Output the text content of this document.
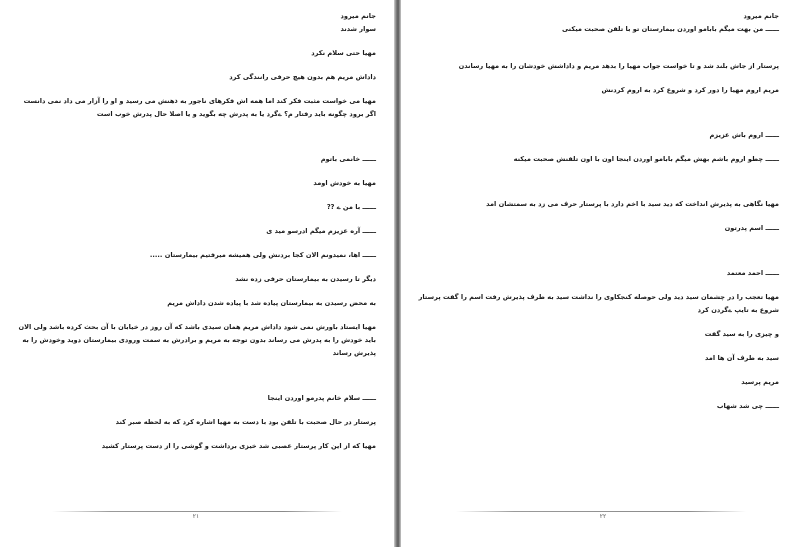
جانم میرود

سوار شدند

مهیا حتی سلام نکرد

داداش مریم هم بدون هیچ حرفی رانندگی کرد

مهیا می خواست مثبت فکر کند اما همه اش فکرهای ناجور به ذهنش می رسید و او را آزار می داد نمی دانست اگر برود چگونه باید رفتار م؟ ےگرد یا به پدرش چه بگوید و یا اصلا حال پدرش خوب است

ــــــ خانمی باتوم

مهیا به خودش اومد

ــــــ با من ے ??

ــــــ آره عزیزم میگم ادرسو مید ی

ــــــ اها، نمیدونم الان کجا بردنش ولی همیشه میرفتیم بیمارستان .....

دیگر تا رسیدن به بیمارستان حرفی زده نشد

به محض رسیدن به بیمارستان پیاده شد با پیاده شدن داداش مریم

مهیا ایستاد باورش نمی شود داداش مریم همان سیدی باشد که آن روز در خیابان با آن بحث کرده باشد ولی الان باید خودش را به پدرش می رساند بدون توجه به مریم و برادرش به سمت ورودی بیمارستان دوید وخودش را به پذیرش رساند

ــــــ سلام خانم پدرمو اوردن اینجا

پرستار در حال صحبت با تلفن بود با دست به مهیا اشاره کرد که به لحظه صبر کند

مهیا که از این کار پرستار عصبی شد خیزی برداشت و گوشی را از دست پرستار کشید

۲۱

جانم میرود

ــــــ من بهت میگم بابامو اوردن بیمارستان تو با تلفن صحبت میکنی

پرستار از جاش بلند شد و تا خواست جواب مهیا را بدهد مریم و داداشش خودشان را به مهیا رساندن

مریم اروم مهیا را دور کرد و شروع کرد به اروم کردنش

ــــــ اروم باش عزیزم

ــــــ چطو اروم باشم بهش میگم بابامو اوردن اینجا اون با اون تلفنش صحبت میکنه

مهیا نگاهی به پذیرش انداخت که دید سید با اخم دارد با پرستار حرف می زد به سمتشان امد

ــــــ اسم پدرتون

ــــــ احمد معتمد

مهیا تعجب را در چشمان سید دید ولی حوصله کنجکاوی را نداشت سید به طرف پذیرش رفت اسم را گفت پرستار شروع به تایپ ےگردن کرد

و چیزی را به سید گفت

سید به طرف آن ها امد

مریم پرسید

ــــــ چی شد شهاب

۲۲
